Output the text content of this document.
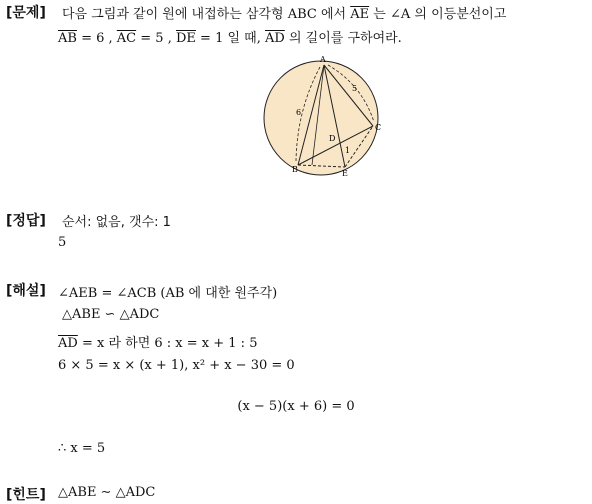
[문제] 다음 그림과 같이 원에 내접하는 삼각형 ABC 에서 $\overline{AE}$ 는 ∠A 의 이등분선이고
$\overline{AB} = 6$ , $\overline{AC} = 5$ , $\overline{DE} = 1$ 일 때, $\overline{AD}$ 의 길이를 구하여라.
A
B
C
D
E
6
5
1
[정답] 순서: 없음, 갯수: 1
5
[해설] ∠AEB = ∠ACB (AB 에 대한 원주각)
△ABE ∽ △ADC
$\overline{AD} = x$ 라 하면 6 : x = x + 1 : 5
6 × 5 = x × (x + 1), x² + x − 30 = 0
(x − 5)(x + 6) = 0
∴ x = 5
[힌트] △ABE ∼ △ADC
